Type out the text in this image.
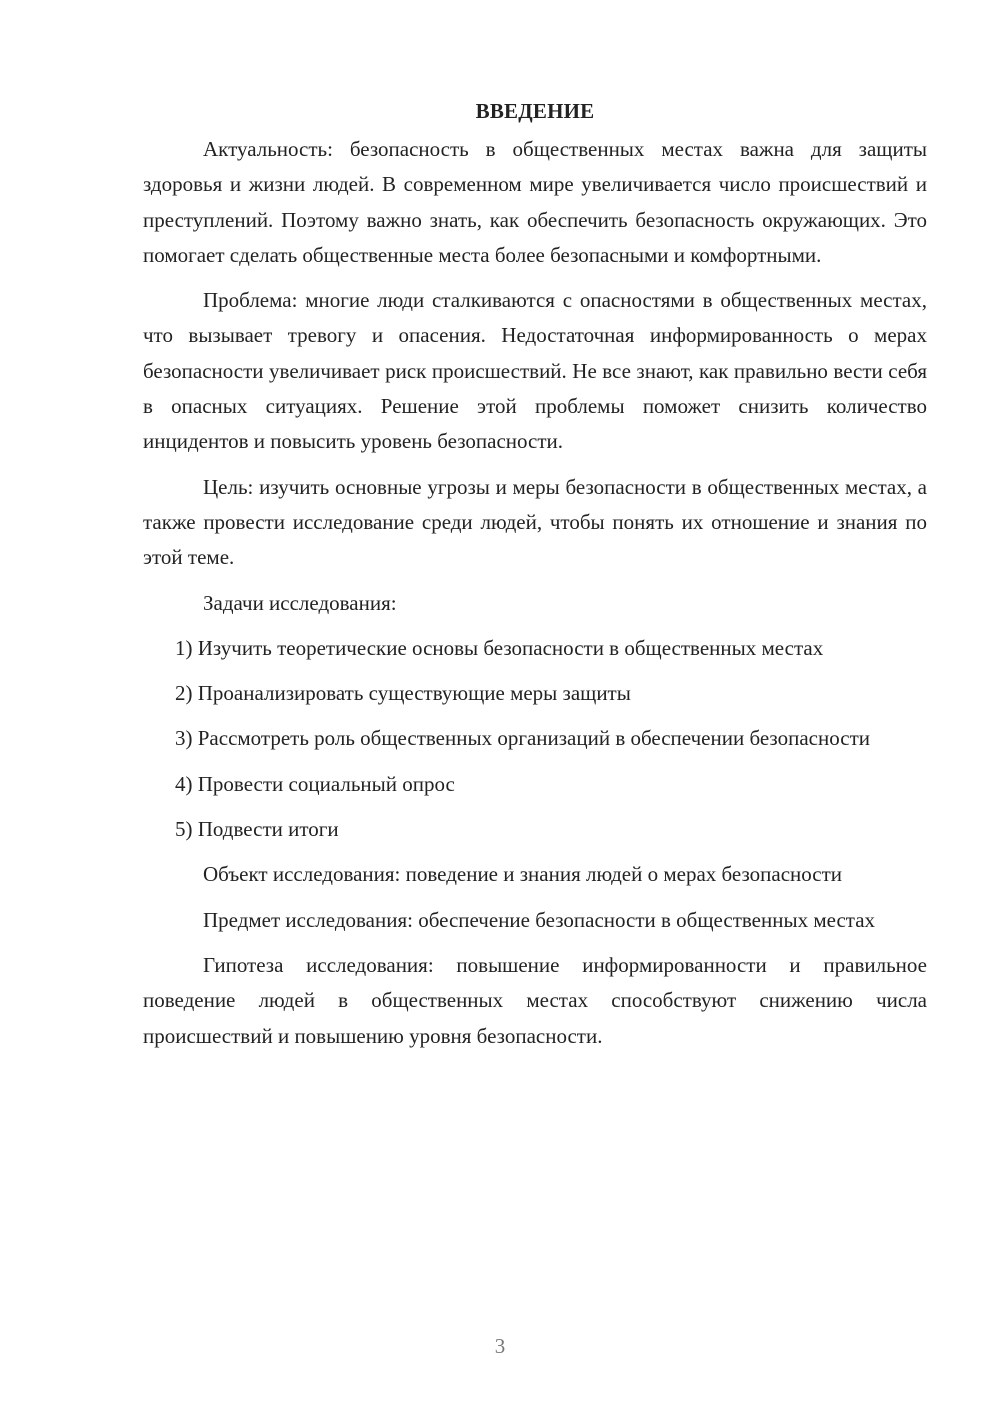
ВВЕДЕНИЕ

Актуальность: безопасность в общественных местах важна для защиты здоровья и жизни людей. В современном мире увеличивается число происшествий и преступлений. Поэтому важно знать, как обеспечить безопасность окружающих. Это помогает сделать общественные места более безопасными и комфортными.

Проблема: многие люди сталкиваются с опасностями в общественных местах, что вызывает тревогу и опасения. Недостаточная информированность о мерах безопасности увеличивает риск происшествий. Не все знают, как правильно вести себя в опасных ситуациях. Решение этой проблемы поможет снизить количество инцидентов и повысить уровень безопасности.

Цель: изучить основные угрозы и меры безопасности в общественных местах, а также провести исследование среди людей, чтобы понять их отношение и знания по этой теме.

Задачи исследования:

1) Изучить теоретические основы безопасности в общественных местах

2) Проанализировать существующие меры защиты

3) Рассмотреть роль общественных организаций в обеспечении безопасности

4) Провести социальный опрос

5) Подвести итоги

Объект исследования: поведение и знания людей о мерах безопасности

Предмет исследования: обеспечение безопасности в общественных местах

Гипотеза исследования: повышение информированности и правильное поведение людей в общественных местах способствуют снижению числа происшествий и повышению уровня безопасности.

3
